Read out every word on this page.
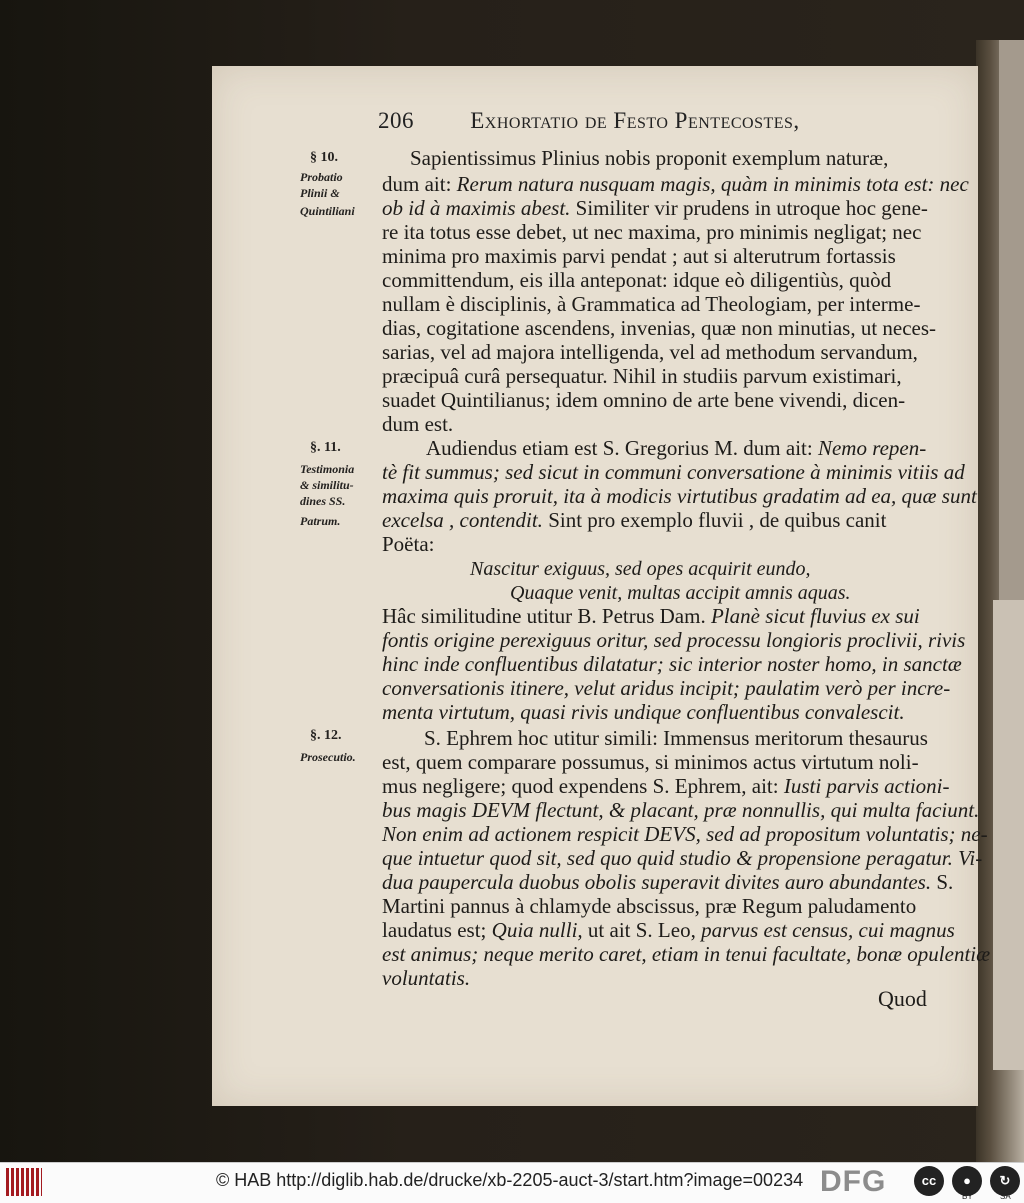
206 Exhortatio de Festo Pentecostes,
§ 10.
Probatio
Plinii &
Quintiliani
§. 11.
Testimonia
& similitu-
dines SS.
Patrum.
§. 12.
Prosecutio.
Sapientissimus Plinius nobis proponit exemplum naturæ,
dum ait: Rerum natura nusquam magis, quàm in minimis tota est: nec
ob id à maximis abest. Similiter vir prudens in utroque hoc gene-
re ita totus esse debet, ut nec maxima, pro minimis negligat; nec
minima pro maximis parvi pendat ; aut si alterutrum fortassis
committendum, eis illa anteponat: idque eò diligentiùs, quòd
nullam è disciplinis, à Grammatica ad Theologiam, per interme-
dias, cogitatione ascendens, invenias, quæ non minutias, ut neces-
sarias, vel ad majora intelligenda, vel ad methodum servandum,
præcipuâ curâ persequatur. Nihil in studiis parvum existimari,
suadet Quintilianus; idem omnino de arte bene vivendi, dicen-
dum est.
Audiendus etiam est S. Gregorius M. dum ait: Nemo repen-
tè fit summus; sed sicut in communi conversatione à minimis vitiis ad
maxima quis proruit, ita à modicis virtutibus gradatim ad ea, quæ sunt
excelsa , contendit. Sint pro exemplo fluvii , de quibus canit
Poëta:
Nascitur exiguus, sed opes acquirit eundo,
Quaque venit, multas accipit amnis aquas.
Hâc similitudine utitur B. Petrus Dam. Planè sicut fluvius ex sui
fontis origine perexiguus oritur, sed processu longioris proclivii, rivis
hinc inde confluentibus dilatatur; sic interior noster homo, in sanctæ
conversationis itinere, velut aridus incipit; paulatim verò per incre-
menta virtutum, quasi rivis undique confluentibus convalescit.
S. Ephrem hoc utitur simili: Immensus meritorum thesaurus
est, quem comparare possumus, si minimos actus virtutum noli-
mus negligere; quod expendens S. Ephrem, ait: Iusti parvis actioni-
bus magis DEVM flectunt, & placant, præ nonnullis, qui multa faciunt.
Non enim ad actionem respicit DEVS, sed ad propositum voluntatis; ne-
que intuetur quod sit, sed quo quid studio & propensione peragatur. Vi-
dua paupercula duobus obolis superavit divites auro abundantes. S.
Martini pannus à chlamyde abscissus, præ Regum paludamento
laudatus est; Quia nulli, ut ait S. Leo, parvus est census, cui magnus
est animus; neque merito caret, etiam in tenui facultate, bonæ opulentiæ
voluntatis.
Quod
© HAB http://diglib.hab.de/drucke/xb-2205-auct-3/start.htm?image=00234 DFG	cc	●
BY
↻
SA
